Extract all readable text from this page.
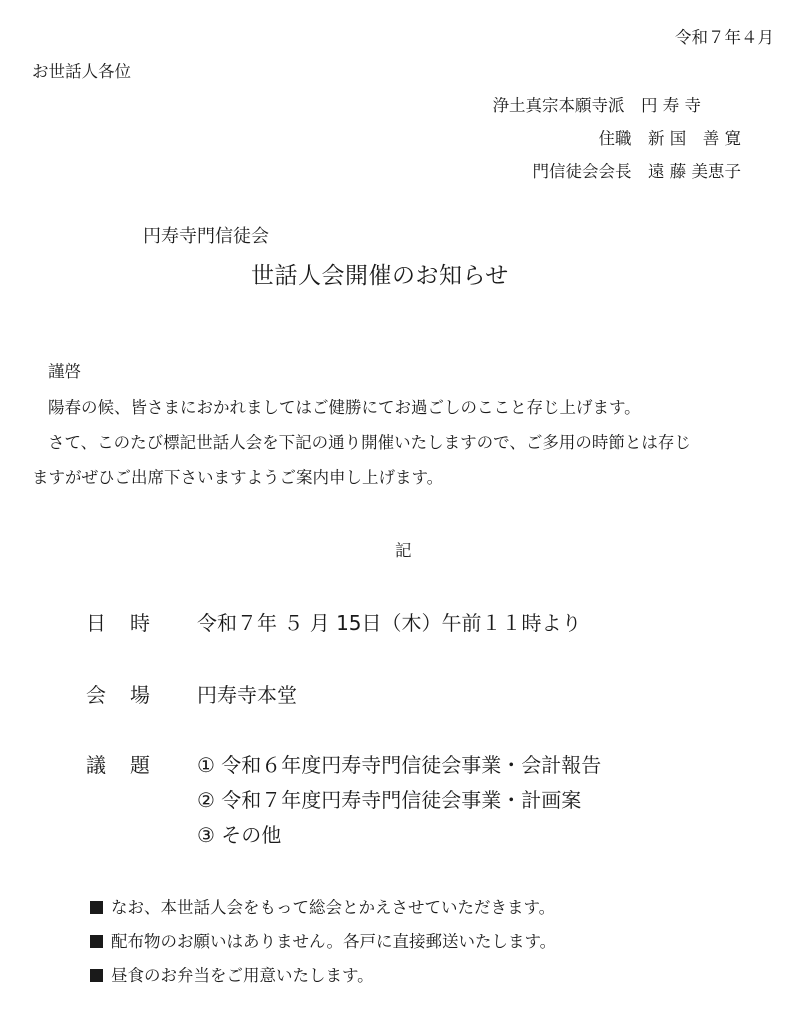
令和７年４月
お世話人各位
浄土真宗本願寺派　 円 寿 寺
住職　 新 国　善 寛
門信徒会会長　 遠 藤 美恵子
円寿寺門信徒会
世話人会開催のお知らせ
謹啓
陽春の候、皆さまにおかれましてはご健勝にてお過ごしのここと存じ上げます。
さて、このたび標記世話人会を下記の通り開催いたしますので、ご多用の時節とは存じ
ますがぜひご出席下さいますようご案内申し上げます。
記
日時 令和７年 ５ 月 15日（木）午前１１時より
会場 円寿寺本堂
議題 ① 令和６年度円寿寺門信徒会事業・会計報告
② 令和７年度円寿寺門信徒会事業・計画案
③ その他
なお、本世話人会をもって総会とかえさせていただきます。
配布物のお願いはありません。各戸に直接郵送いたします。
昼食のお弁当をご用意いたします。
